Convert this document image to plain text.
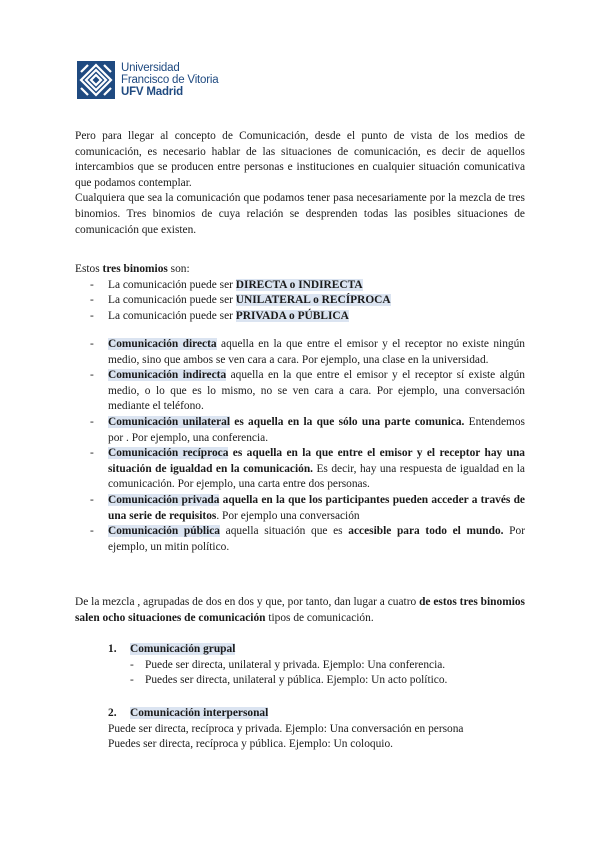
Universidad
Francisco de Vitoria
UFV Madrid

Pero para llegar al concepto de Comunicación, desde el punto de vista de los medios de comunicación, es necesario hablar de las situaciones de comunicación, es decir de aquellos intercambios que se producen entre personas e instituciones en cualquier situación comunicativa que podamos contemplar.

Cualquiera que sea la comunicación que podamos tener pasa necesariamente por la mezcla de tres binomios. Tres binomios de cuya relación se desprenden todas las posibles situaciones de comunicación que existen.

Estos tres binomios son:

- La comunicación puede ser DIRECTA o INDIRECTA
- La comunicación puede ser UNILATERAL o RECÍPROCA
- La comunicación puede ser PRIVADA o PÚBLICA
- Comunicación directa aquella en la que entre el emisor y el receptor no existe ningún medio, sino que ambos se ven cara a cara. Por ejemplo, una clase en la universidad.
- Comunicación indirecta aquella en la que entre el emisor y el receptor sí existe algún medio, o lo que es lo mismo, no se ven cara a cara. Por ejemplo, una conversación mediante el teléfono.
- Comunicación unilateral es aquella en la que sólo una parte comunica. Entendemos por . Por ejemplo, una conferencia.
- Comunicación recíproca es aquella en la que entre el emisor y el receptor hay una situación de igualdad en la comunicación. Es decir, hay una respuesta de igualdad en la comunicación. Por ejemplo, una carta entre dos personas.
- Comunicación privada aquella en la que los participantes pueden acceder a través de una serie de requisitos. Por ejemplo una conversación
- Comunicación pública aquella situación que es accesible para todo el mundo. Por ejemplo, un mitin político.

De la mezcla , agrupadas de dos en dos y que, por tanto, dan lugar a cuatro de estos tres binomios salen ocho situaciones de comunicación tipos de comunicación.

1. Comunicación grupal
- Puede ser directa, unilateral y privada. Ejemplo: Una conferencia.
- Puedes ser directa, unilateral y pública. Ejemplo: Un acto político.
2. Comunicación interpersonal
Puede ser directa, recíproca y privada. Ejemplo: Una conversación en persona
Puedes ser directa, recíproca y pública. Ejemplo: Un coloquio.
